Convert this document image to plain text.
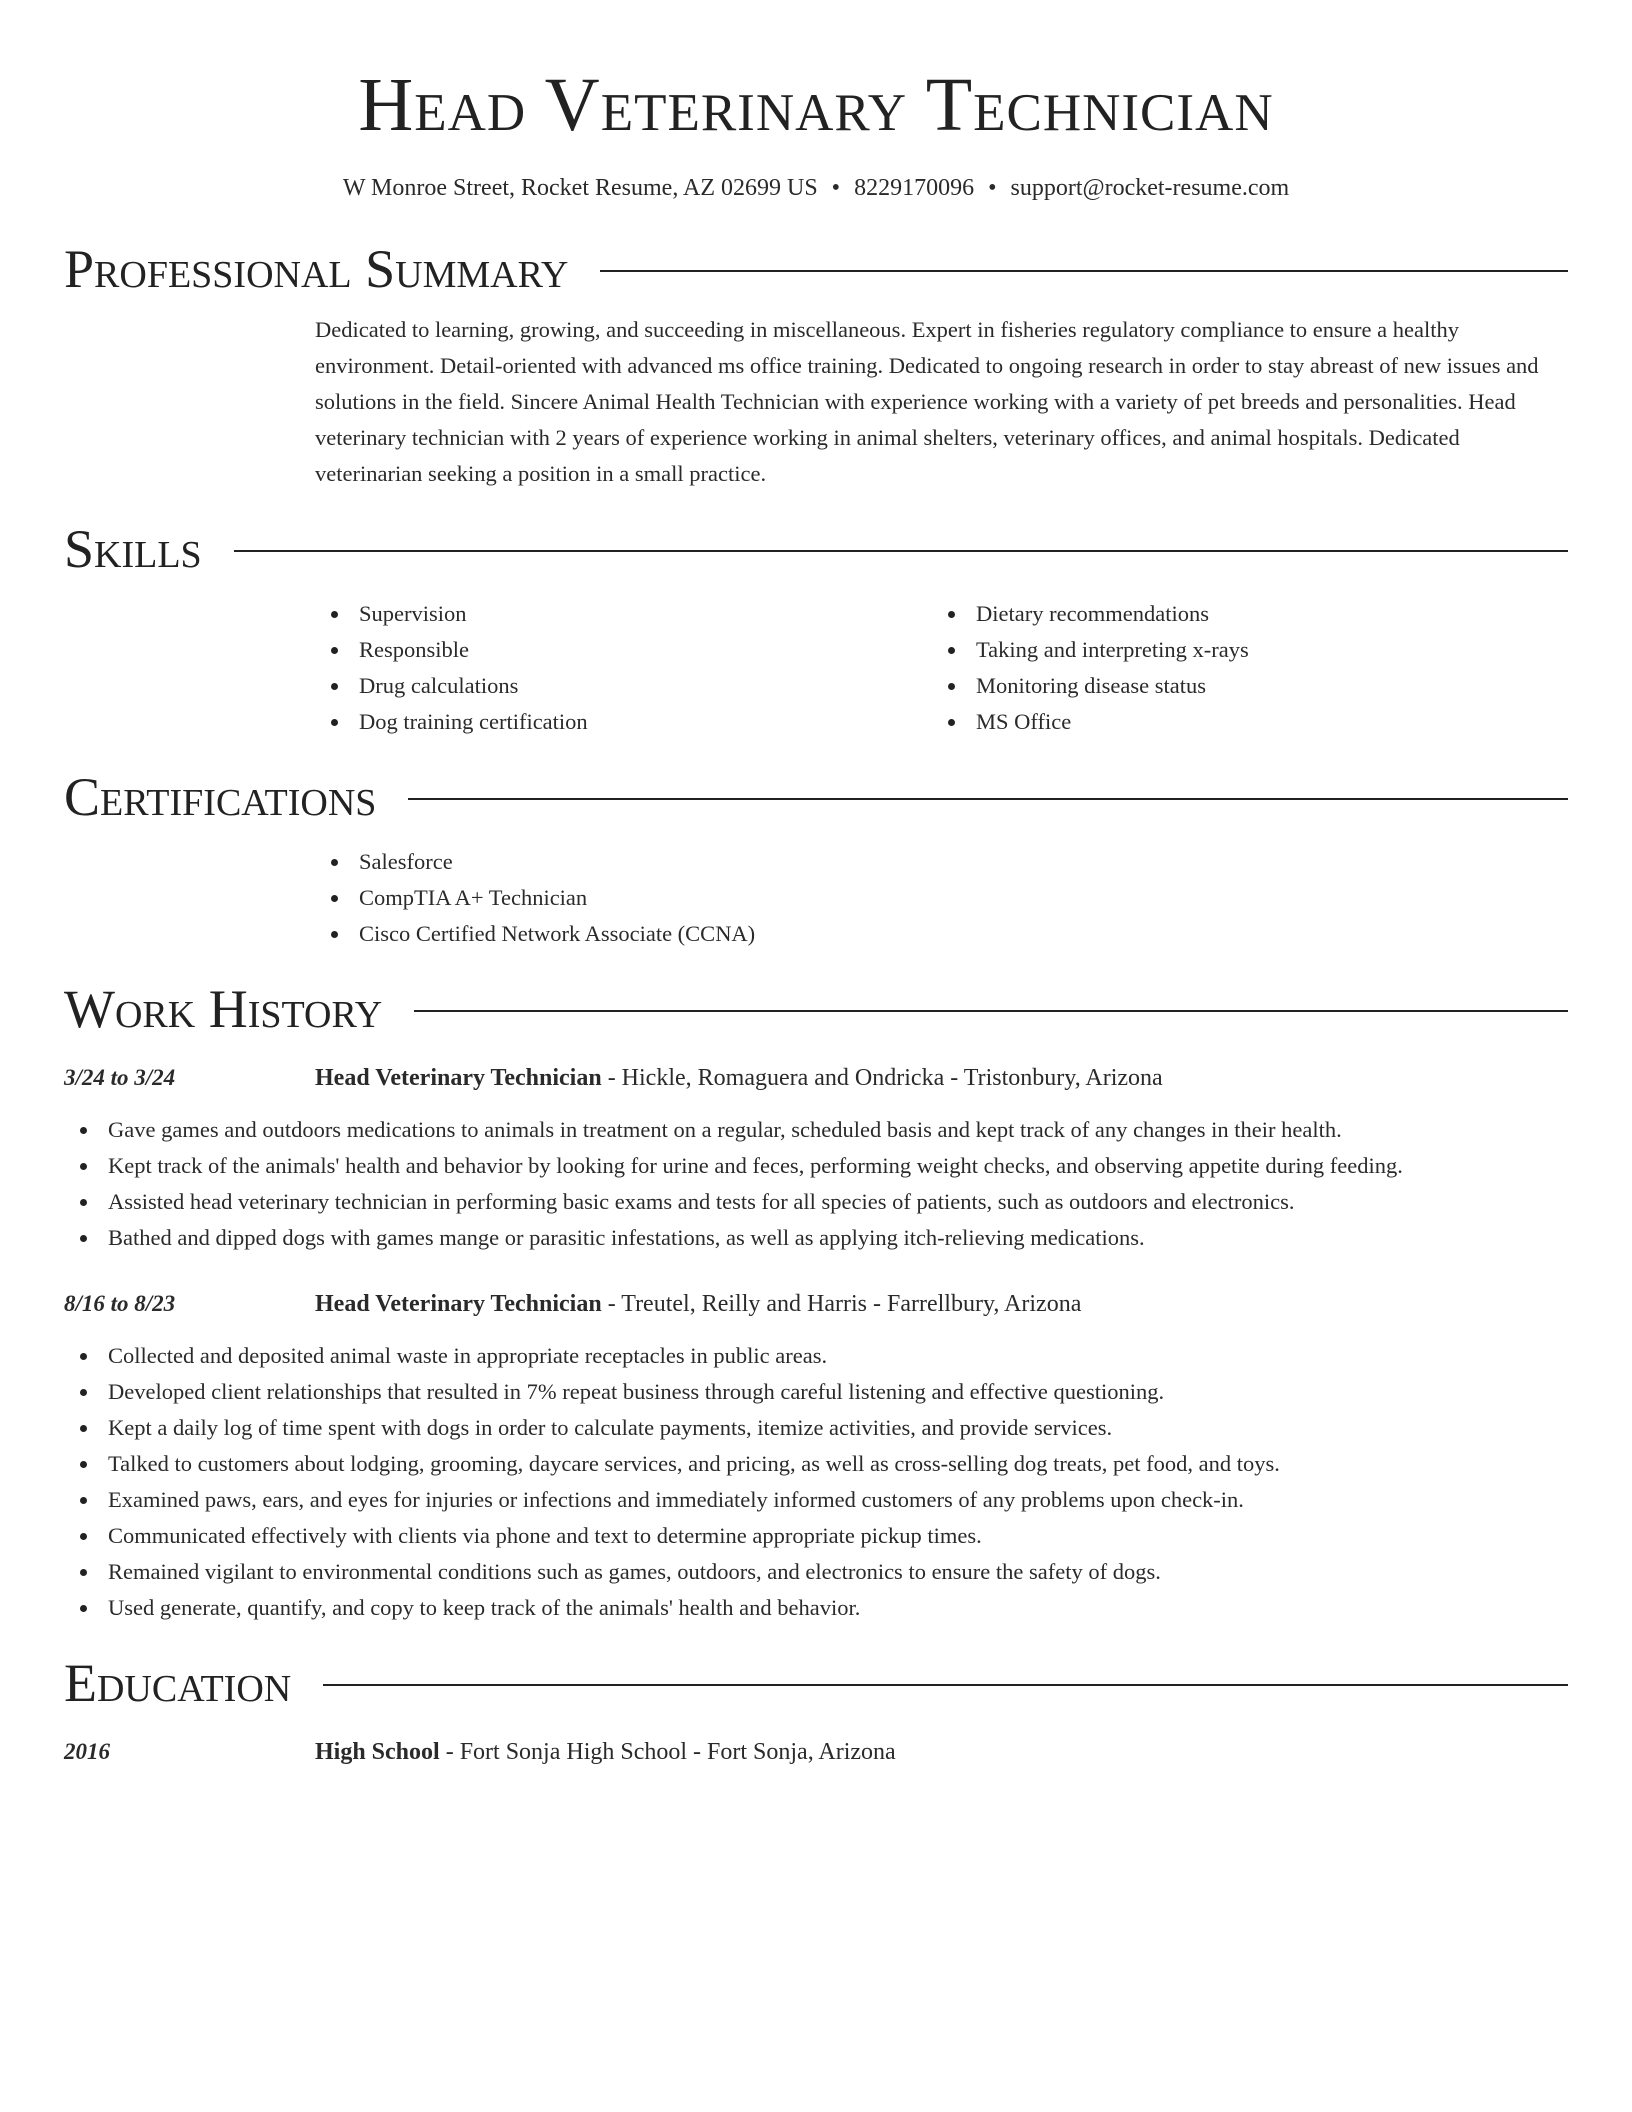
Head Veterinary Technician
W Monroe Street, Rocket Resume, AZ 02699 US • 8229170096 • support@rocket-resume.com
Professional Summary

Dedicated to learning, growing, and succeeding in miscellaneous. Expert in fisheries regulatory compliance to ensure a healthy environment. Detail-oriented with advanced ms office training. Dedicated to ongoing research in order to stay abreast of new issues and solutions in the field. Sincere Animal Health Technician with experience working with a variety of pet breeds and personalities. Head veterinary technician with 2 years of experience working in animal shelters, veterinary offices, and animal hospitals. Dedicated veterinarian seeking a position in a small practice.

Skills
Supervision
Responsible
Drug calculations
Dog training certification
Dietary recommendations
Taking and interpreting x-rays
Monitoring disease status
MS Office
Certifications
Salesforce
CompTIA A+ Technician
Cisco Certified Network Associate (CCNA)
Work History
3/24 to 3/24	Head Veterinary Technician - Hickle, Romaguera and Ondricka - Tristonbury, Arizona
Gave games and outdoors medications to animals in treatment on a regular, scheduled basis and kept track of any changes in their health.
Kept track of the animals' health and behavior by looking for urine and feces, performing weight checks, and observing appetite during feeding.
Assisted head veterinary technician in performing basic exams and tests for all species of patients, such as outdoors and electronics.
Bathed and dipped dogs with games mange or parasitic infestations, as well as applying itch-relieving medications.
8/16 to 8/23	Head Veterinary Technician - Treutel, Reilly and Harris - Farrellbury, Arizona
Collected and deposited animal waste in appropriate receptacles in public areas.
Developed client relationships that resulted in 7% repeat business through careful listening and effective questioning.
Kept a daily log of time spent with dogs in order to calculate payments, itemize activities, and provide services.
Talked to customers about lodging, grooming, daycare services, and pricing, as well as cross-selling dog treats, pet food, and toys.
Examined paws, ears, and eyes for injuries or infections and immediately informed customers of any problems upon check-in.
Communicated effectively with clients via phone and text to determine appropriate pickup times.
Remained vigilant to environmental conditions such as games, outdoors, and electronics to ensure the safety of dogs.
Used generate, quantify, and copy to keep track of the animals' health and behavior.
Education
2016	High School - Fort Sonja High School - Fort Sonja, Arizona
